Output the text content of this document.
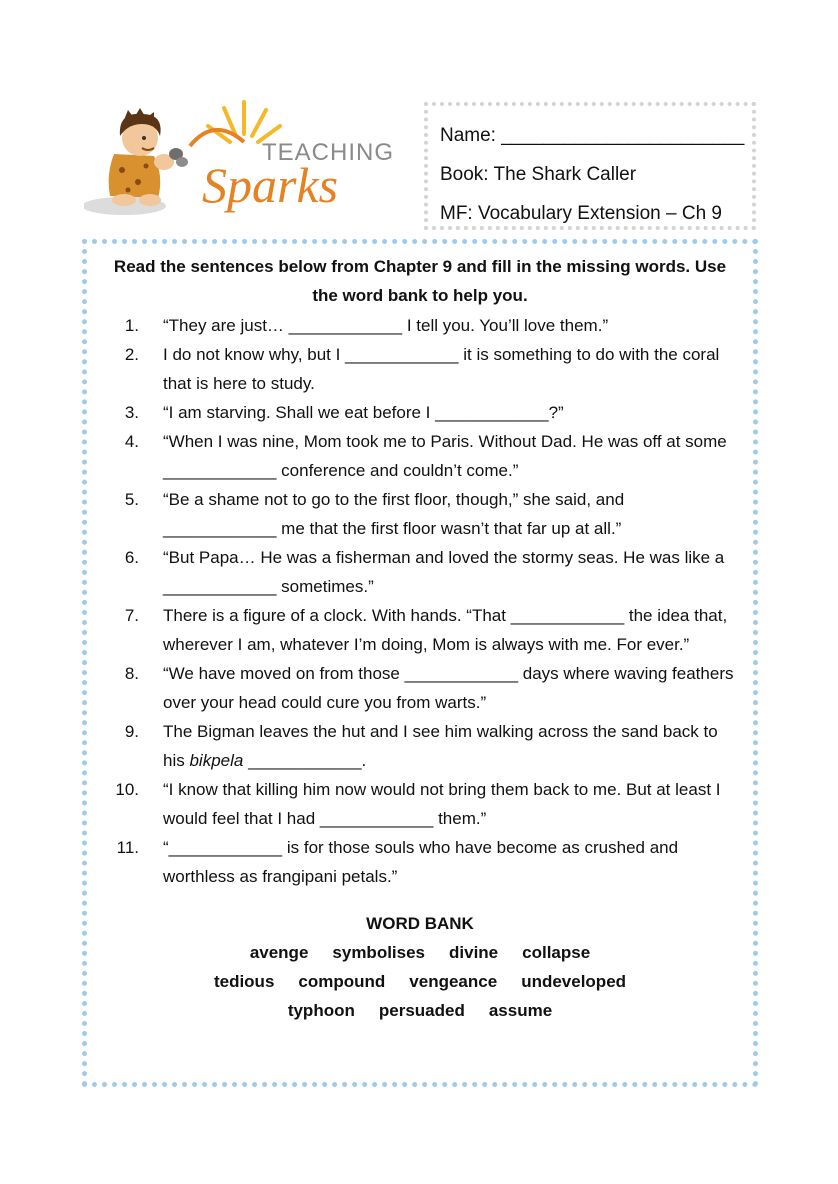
TEACHING
Sparks
Name: _______________________
Book: The Shark Caller
MF: Vocabulary Extension – Ch 9

Read the sentences below from Chapter 9 and fill in the missing words. Use the word bank to help you.

1.	“They are just… ____________ I tell you. You’ll love them.”
2.	I do not know why, but I ____________ it is something to do with the coral that is here to study.
3.	“I am starving. Shall we eat before I ____________?”
4.	“When I was nine, Mom took me to Paris. Without Dad. He was off at some ____________ conference and couldn’t come.”
5.	“Be a shame not to go to the first floor, though,” she said, and ____________ me that the first floor wasn’t that far up at all.”
6.	“But Papa… He was a fisherman and loved the stormy seas. He was like a ____________ sometimes.”
7.	There is a figure of a clock. With hands. “That ____________ the idea that, wherever I am, whatever I’m doing, Mom is always with me. For ever.”
8.	“We have moved on from those ____________ days where waving feathers over your head could cure you from warts.”
9.	The Bigman leaves the hut and I see him walking across the sand back to his bikpela ____________.
10.	“I know that killing him now would not bring them back to me. But at least I would feel that I had ____________ them.”
11.	“____________ is for those souls who have become as crushed and worthless as frangipani petals.”
WORD BANK
avenge symbolises divine collapse
tedious compound vengeance undeveloped
typhoon persuaded assume
